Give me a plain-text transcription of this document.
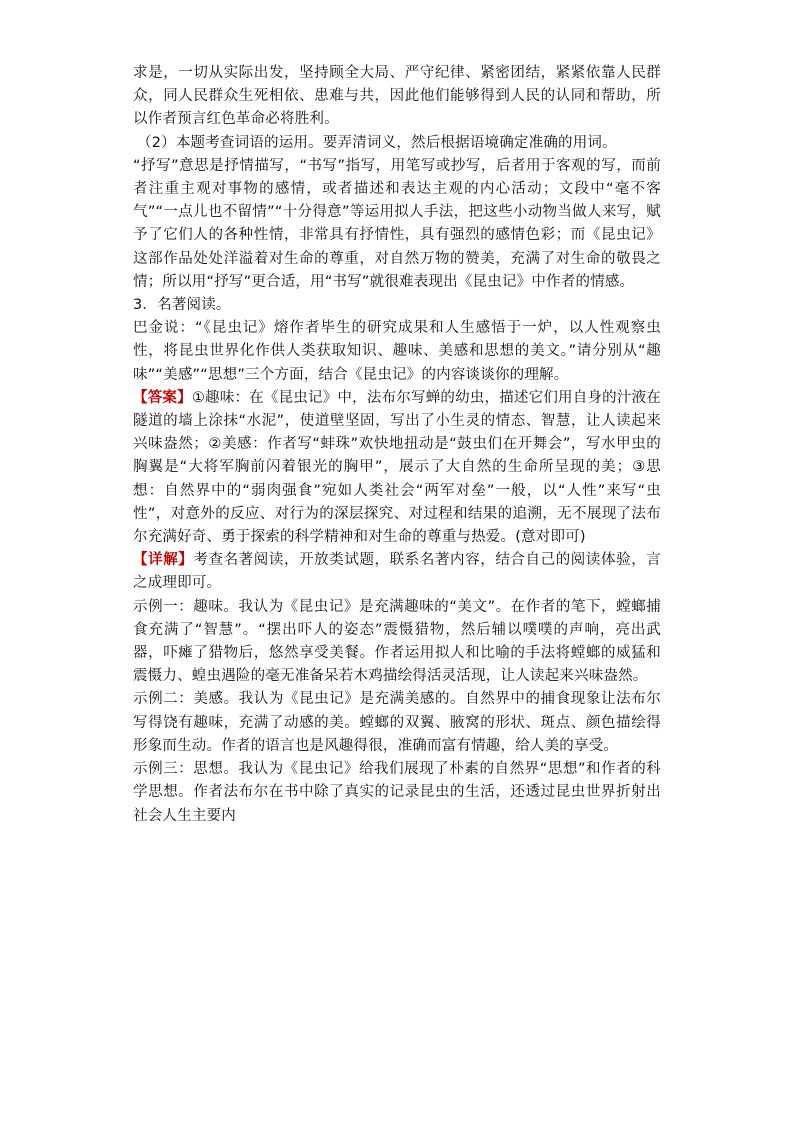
求是，一切从实际出发，坚持顾全大局、严守纪律、紧密团结，紧紧依靠人民群众，同人民群众生死相依、患难与共，因此他们能够得到人民的认同和帮助，所以作者预言红色革命必将胜利。

（2）本题考查词语的运用。要弄清词义，然后根据语境确定准确的用词。

“抒写”意思是抒情描写，“书写”指写，用笔写或抄写，后者用于客观的写，而前者注重主观对事物的感情，或者描述和表达主观的内心活动；文段中“毫不客气”“一点儿也不留情”“十分得意”等运用拟人手法，把这些小动物当做人来写，赋予了它们人的各种性情，非常具有抒情性，具有强烈的感情色彩；而《昆虫记》这部作品处处洋溢着对生命的尊重，对自然万物的赞美，充满了对生命的敬畏之情；所以用“抒写”更合适，用“书写”就很难表现出《昆虫记》中作者的情感。

3．名著阅读。

巴金说：“《昆虫记》熔作者毕生的研究成果和人生感悟于一炉，以人性观察虫性，将昆虫世界化作供人类获取知识、趣味、美感和思想的美文。”请分别从“趣味”“美感”“思想”三个方面，结合《昆虫记》的内容谈谈你的理解。

【答案】①趣味：在《昆虫记》中，法布尔写蝉的幼虫，描述它们用自身的汁液在隧道的墙上涂抹“水泥”，使道壁坚固，写出了小生灵的情态、智慧，让人读起来兴味盎然；②美感：作者写“蚌珠”欢快地扭动是“鼓虫们在开舞会”，写水甲虫的胸翼是“大将军胸前闪着银光的胸甲”，展示了大自然的生命所呈现的美；③思想：自然界中的“弱肉强食”宛如人类社会“两军对垒”一般，以“人性”来写“虫性”，对意外的反应、对行为的深层探究、对过程和结果的追溯，无不展现了法布尔充满好奇、勇于探索的科学精神和对生命的尊重与热爱。(意对即可)

【详解】考查名著阅读，开放类试题，联系名著内容，结合自己的阅读体验，言之成理即可。

示例一：趣味。我认为《昆虫记》是充满趣味的“美文”。在作者的笔下，螳螂捕食充满了“智慧”。“摆出吓人的姿态”震慑猎物，然后辅以噗噗的声响，亮出武器，吓瘫了猎物后，悠然享受美餐。作者运用拟人和比喻的手法将螳螂的威猛和震慑力、蝗虫遇险的毫无准备呆若木鸡描绘得活灵活现，让人读起来兴味盎然。

示例二：美感。我认为《昆虫记》是充满美感的。自然界中的捕食现象让法布尔写得饶有趣味，充满了动感的美。螳螂的双翼、腋窝的形状、斑点、颜色描绘得形象而生动。作者的语言也是风趣得很，准确而富有情趣，给人美的享受。

示例三：思想。我认为《昆虫记》给我们展现了朴素的自然界“思想”和作者的科学思想。作者法布尔在书中除了真实的记录昆虫的生活，还透过昆虫世界折射出社会人生主要内
